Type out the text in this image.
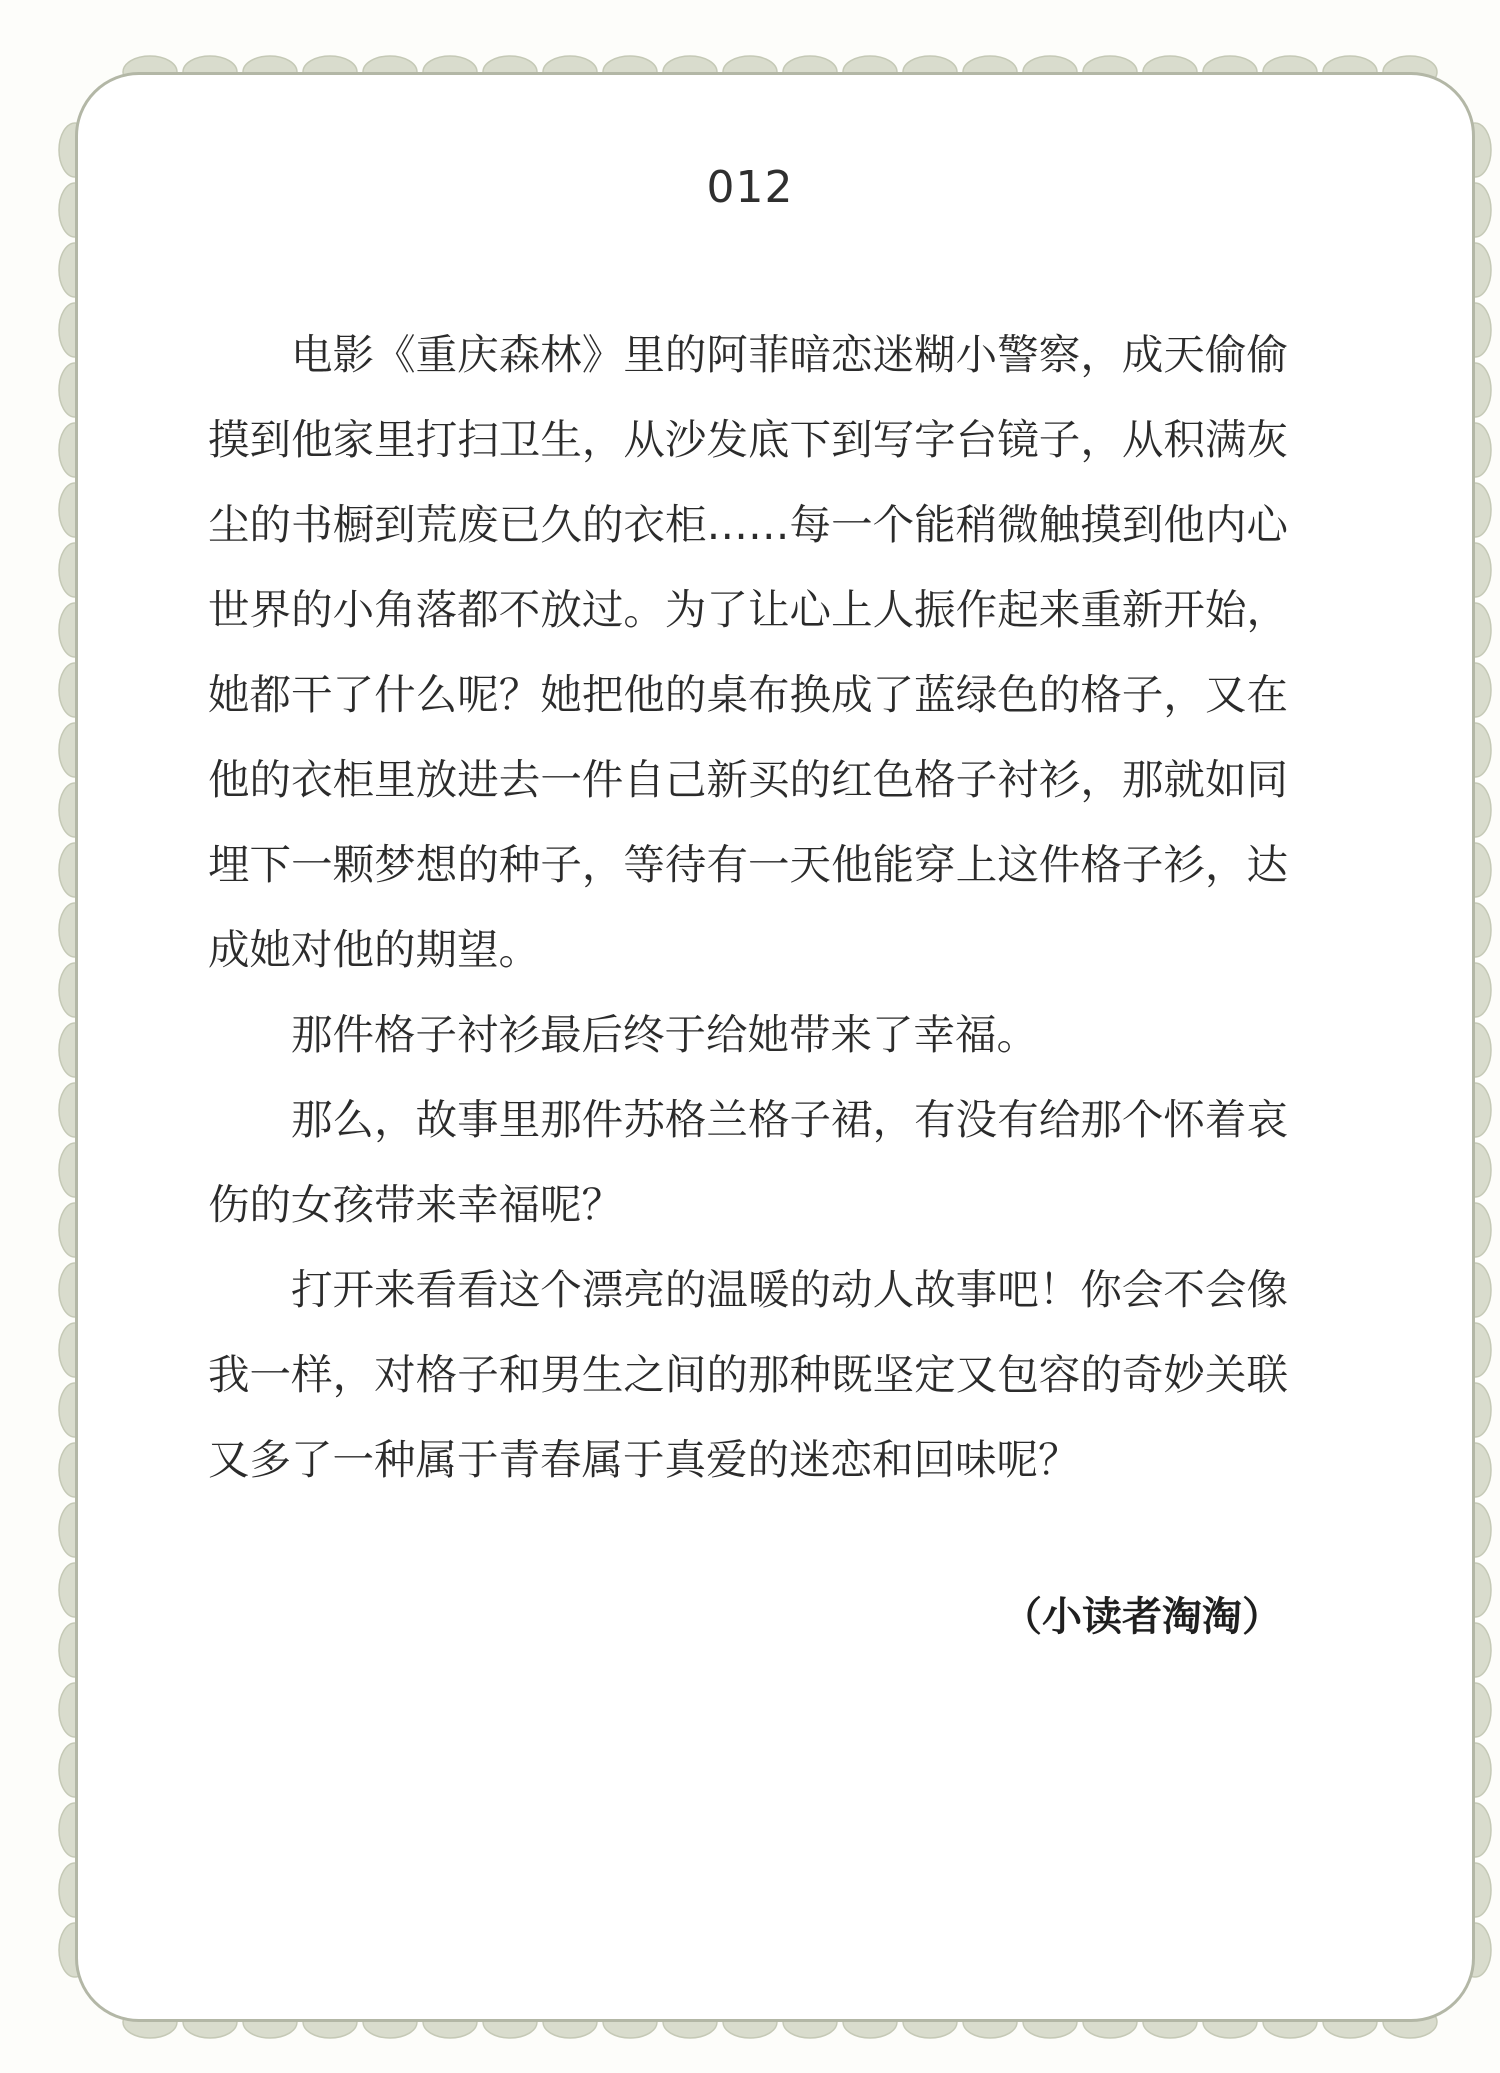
012

电影《重庆森林》里的阿菲暗恋迷糊小警察，成天偷偷摸到他家里打扫卫生，从沙发底下到写字台镜子，从积满灰尘的书橱到荒废已久的衣柜……每一个能稍微触摸到他内心世界的小角落都不放过。为了让心上人振作起来重新开始，她都干了什么呢？她把他的桌布换成了蓝绿色的格子，又在他的衣柜里放进去一件自己新买的红色格子衬衫，那就如同埋下一颗梦想的种子，等待有一天他能穿上这件格子衫，达成她对他的期望。

那件格子衬衫最后终于给她带来了幸福。

那么，故事里那件苏格兰格子裙，有没有给那个怀着哀伤的女孩带来幸福呢？

打开来看看这个漂亮的温暖的动人故事吧！你会不会像我一样，对格子和男生之间的那种既坚定又包容的奇妙关联又多了一种属于青春属于真爱的迷恋和回味呢？

（小读者淘淘）
